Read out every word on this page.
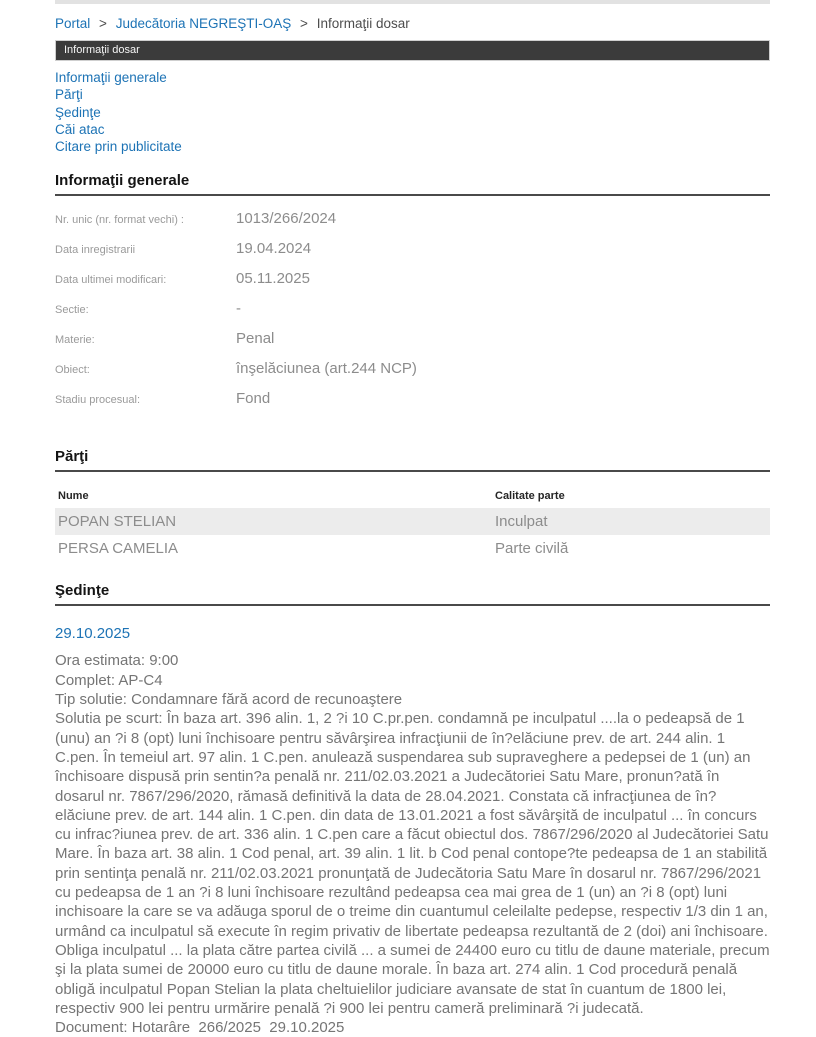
Portal > Judecătoria NEGREŞTI-OAŞ > Informaţii dosar
Informaţii dosar
Informaţii generale
Părţi
Şedinţe
Căi atac
Citare prin publicitate
Informaţii generale
Nr. unic (nr. format vechi) :	1013/266/2024
Data inregistrarii	19.04.2024
Data ultimei modificari:	05.11.2025
Sectie:	-
Materie:	Penal
Obiect:	înşelăciunea (art.244 NCP)
Stadiu procesual:	Fond
Părţi
Nume	Calitate parte
POPAN STELIAN	Inculpat
PERSA CAMELIA	Parte civilă
Şedinţe
29.10.2025
Ora estimata: 9:00
Complet: AP-C4
Tip solutie: Condamnare fără acord de recunoaştere
Solutia pe scurt: În baza art. 396 alin. 1, 2 ?i 10 C.pr.pen. condamnă pe inculpatul ....la o pedeapsă de 1 (unu) an ?i 8 (opt) luni închisoare pentru săvârşirea infracţiunii de în?elăciune prev. de art. 244 alin. 1 C.pen. În temeiul art. 97 alin. 1 C.pen. anulează suspendarea sub supraveghere a pedepsei de 1 (un) an închisoare dispusă prin sentin?a penală nr. 211/02.03.2021 a Judecătoriei Satu Mare, pronun?ată în dosarul nr. 7867/296/2020, rămasă definitivă la data de 28.04.2021. Constata că infracţiunea de în?elăciune prev. de art. 144 alin. 1 C.pen. din data de 13.01.2021 a fost săvârşită de inculpatul ... în concurs cu infrac?iunea prev. de art. 336 alin. 1 C.pen care a făcut obiectul dos. 7867/296/2020 al Judecătoriei Satu Mare. În baza art. 38 alin. 1 Cod penal, art. 39 alin. 1 lit. b Cod penal contope?te pedeapsa de 1 an stabilită prin sentinţa penală nr. 211/02.03.2021 pronunţată de Judecătoria Satu Mare în dosarul nr. 7867/296/2021 cu pedeapsa de 1 an ?i 8 luni închisoare rezultând pedeapsa cea mai grea de 1 (un) an ?i 8 (opt) luni inchisoare la care se va adăuga sporul de o treime din cuantumul celeilalte pedepse, respectiv 1/3 din 1 an, urmând ca inculpatul să execute în regim privativ de libertate pedeapsa rezultantă de 2 (doi) ani închisoare. Obliga inculpatul ... la plata către partea civilă ... a sumei de 24400 euro cu titlu de daune materiale, precum şi la plata sumei de 20000 euro cu titlu de daune morale. În baza art. 274 alin. 1 Cod procedură penală obligă inculpatul Popan Stelian la plata cheltuielilor judiciare avansate de stat în cuantum de 1800 lei, respectiv 900 lei pentru urmărire penală ?i 900 lei pentru cameră preliminară ?i judecată.
Document: Hotarâre  266/2025  29.10.2025
